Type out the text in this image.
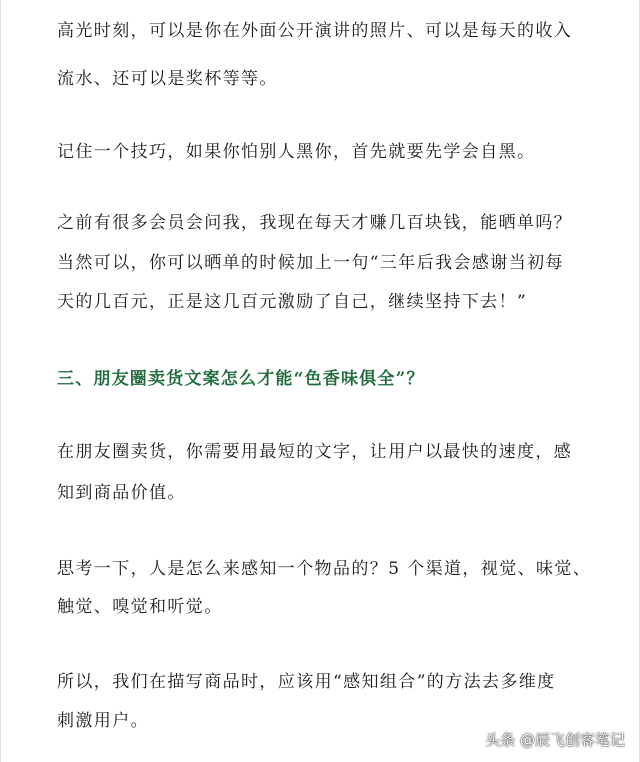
高光时刻，可以是你在外面公开演讲的照片、可以是每天的收入
流水、还可以是奖杯等等。
记住一个技巧，如果你怕别人黑你，首先就要先学会自黑。
之前有很多会员会问我，我现在每天才赚几百块钱，能晒单吗？
当然可以，你可以晒单的时候加上一句“三年后我会感谢当初每
天的几百元，正是这几百元激励了自己，继续坚持下去！”
三、朋友圈卖货文案怎么才能“色香味俱全”？
在朋友圈卖货，你需要用最短的文字，让用户以最快的速度，感
知到商品价值。
思考一下，人是怎么来感知一个物品的？5 个渠道，视觉、味觉、
触觉、嗅觉和听觉。
所以，我们在描写商品时，应该用“感知组合”的方法去多维度
刺激用户。
头条 @辰飞创客笔记
